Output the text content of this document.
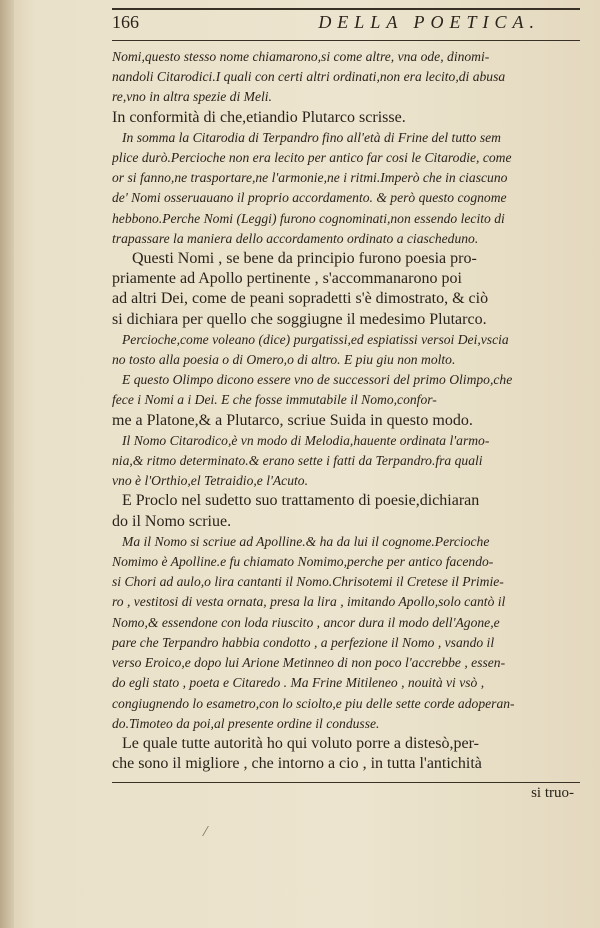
166	DELLA POETICA.
Nomi,questo stesso nome chiamarono,si come altre, vna ode, dinomi-
nandoli Citarodici.I quali con certi altri ordinati,non era lecito,di abusa
re,vno in altra spezie di Meli.
In conformità di che,etiandio Plutarco scrisse.
In somma la Citarodia di Terpandro fino all'età di Frine del tutto sem
plice durò.Percioche non era lecito per antico far cosi le Citarodie, come
or si fanno,ne trasportare,ne l'armonie,ne i ritmi.Imperò che in ciascuno
de' Nomi osseruauano il proprio accordamento. & però questo cognome
hebbono.Perche Nomi (Leggi) furono cognominati,non essendo lecito di
trapassare la maniera dello accordamento ordinato a ciascheduno.
Questi Nomi , se bene da principio furono poesia pro-
priamente ad Apollo pertinente , s'accommanarono poi
ad altri Dei, come de peani sopradetti s'è dimostrato, & ciò
si dichiara per quello che soggiugne il medesimo Plutarco.
Percioche,come voleano (dice) purgatissi,ed espiatissi versoi Dei,vscia
no tosto alla poesia o di Omero,o di altro. E piu giu non molto.
E questo Olimpo dicono essere vno de successori del primo Olimpo,che
fece i Nomi a i Dei. E che fosse immutabile il Nomo,confor-
me a Platone,& a Plutarco, scriue Suida in questo modo.
Il Nomo Citarodico,è vn modo di Melodia,hauente ordinata l'armo-
nia,& ritmo determinato.& erano sette i fatti da Terpandro.fra quali
vno è l'Orthio,el Tetraidio,e l'Acuto.
E Proclo nel sudetto suo trattamento di poesie,dichiaran
do il Nomo scriue.
Ma il Nomo si scriue ad Apolline.& ha da lui il cognome.Percioche
Nomimo è Apolline.e fu chiamato Nomimo,perche per antico facendo-
si Chori ad aulo,o lira cantanti il Nomo.Chrisotemi il Cretese il Primie-
ro , vestitosi di vesta ornata, presa la lira , imitando Apollo,solo cantò il
Nomo,& essendone con loda riuscito , ancor dura il modo dell'Agone,e
pare che Terpandro habbia condotto , a perfezione il Nomo , vsando il
verso Eroico,e dopo lui Arione Metinneo di non poco l'accrebbe , essen-
do egli stato , poeta e Citaredo . Ma Frine Mitileneo , nouità vi vsò ,
congiugnendo lo esametro,con lo sciolto,e piu delle sette corde adoperan-
do.Timoteo da poi,al presente ordine il condusse.
Le quale tutte autorità ho qui voluto porre a distesò,per-
che sono il migliore , che intorno a cio , in tutta l'antichità
si truo-
